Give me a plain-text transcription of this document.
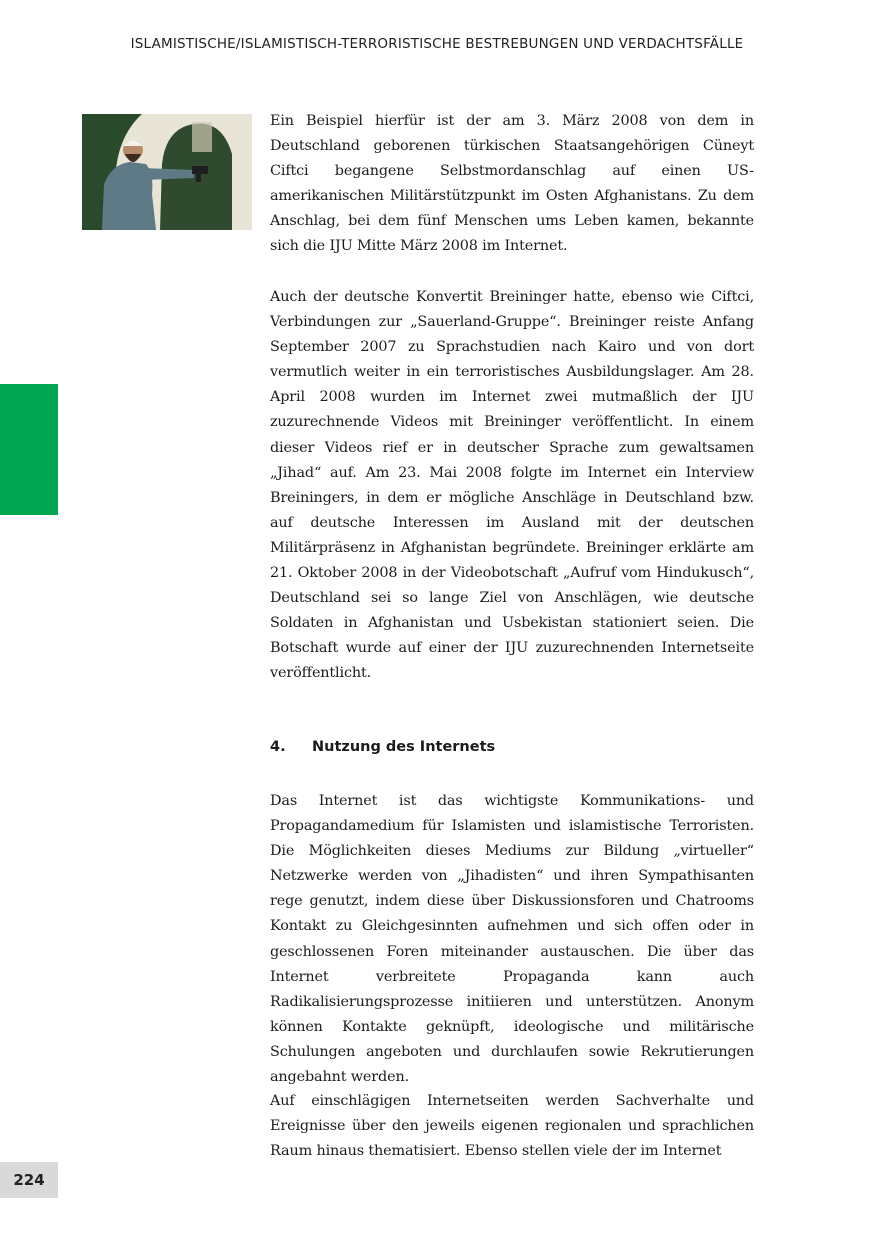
ISLAMISTISCHE/ISLAMISTISCH-TERRORISTISCHE BESTREBUNGEN UND VERDACHTSFÄLLE

Ein Beispiel hierfür ist der am 3. März 2008 von dem in Deutschland geborenen türkischen Staatsangehörigen Cüneyt Ciftci begangene Selbstmordanschlag auf einen US-amerikanischen Militärstützpunkt im Osten Afghanistans. Zu dem Anschlag, bei dem fünf Menschen ums Leben kamen, bekannte sich die IJU Mitte März 2008 im Internet.

Auch der deutsche Konvertit Breininger hatte, ebenso wie Ciftci, Verbindungen zur „Sauerland-Gruppe“. Breininger reiste Anfang September 2007 zu Sprachstudien nach Kairo und von dort vermutlich weiter in ein terroristisches Ausbildungslager. Am 28. April 2008 wurden im Internet zwei mutmaßlich der IJU zuzurechnende Videos mit Breininger veröffentlicht. In einem dieser Videos rief er in deutscher Sprache zum gewaltsamen „Jihad“ auf. Am 23. Mai 2008 folgte im Internet ein Interview Breiningers, in dem er mögliche Anschläge in Deutschland bzw. auf deutsche Interessen im Ausland mit der deutschen Militärpräsenz in Afghanistan begründete. Breininger erklärte am 21. Oktober 2008 in der Videobotschaft „Aufruf vom Hindukusch“, Deutschland sei so lange Ziel von Anschlägen, wie deutsche Soldaten in Afghanistan und Usbekistan stationiert seien. Die Botschaft wurde auf einer der IJU zuzurechnenden Internetseite veröffentlicht.

4.	Nutzung des Internets

Das Internet ist das wichtigste Kommunikations- und Propagandamedium für Islamisten und islamistische Terroristen. Die Möglichkeiten dieses Mediums zur Bildung „virtueller“ Netzwerke werden von „Jihadisten“ und ihren Sympathisanten rege genutzt, indem diese über Diskussionsforen und Chatrooms Kontakt zu Gleichgesinnten aufnehmen und sich offen oder in geschlossenen Foren miteinander austauschen. Die über das Internet verbreitete Propaganda kann auch Radikalisierungsprozesse initiieren und unterstützen. Anonym können Kontakte geknüpft, ideologische und militärische Schulungen angeboten und durchlaufen sowie Rekrutierungen angebahnt werden.

Auf einschlägigen Internetseiten werden Sachverhalte und Ereignisse über den jeweils eigenen regionalen und sprachlichen Raum hinaus thematisiert. Ebenso stellen viele der im Internet

224
